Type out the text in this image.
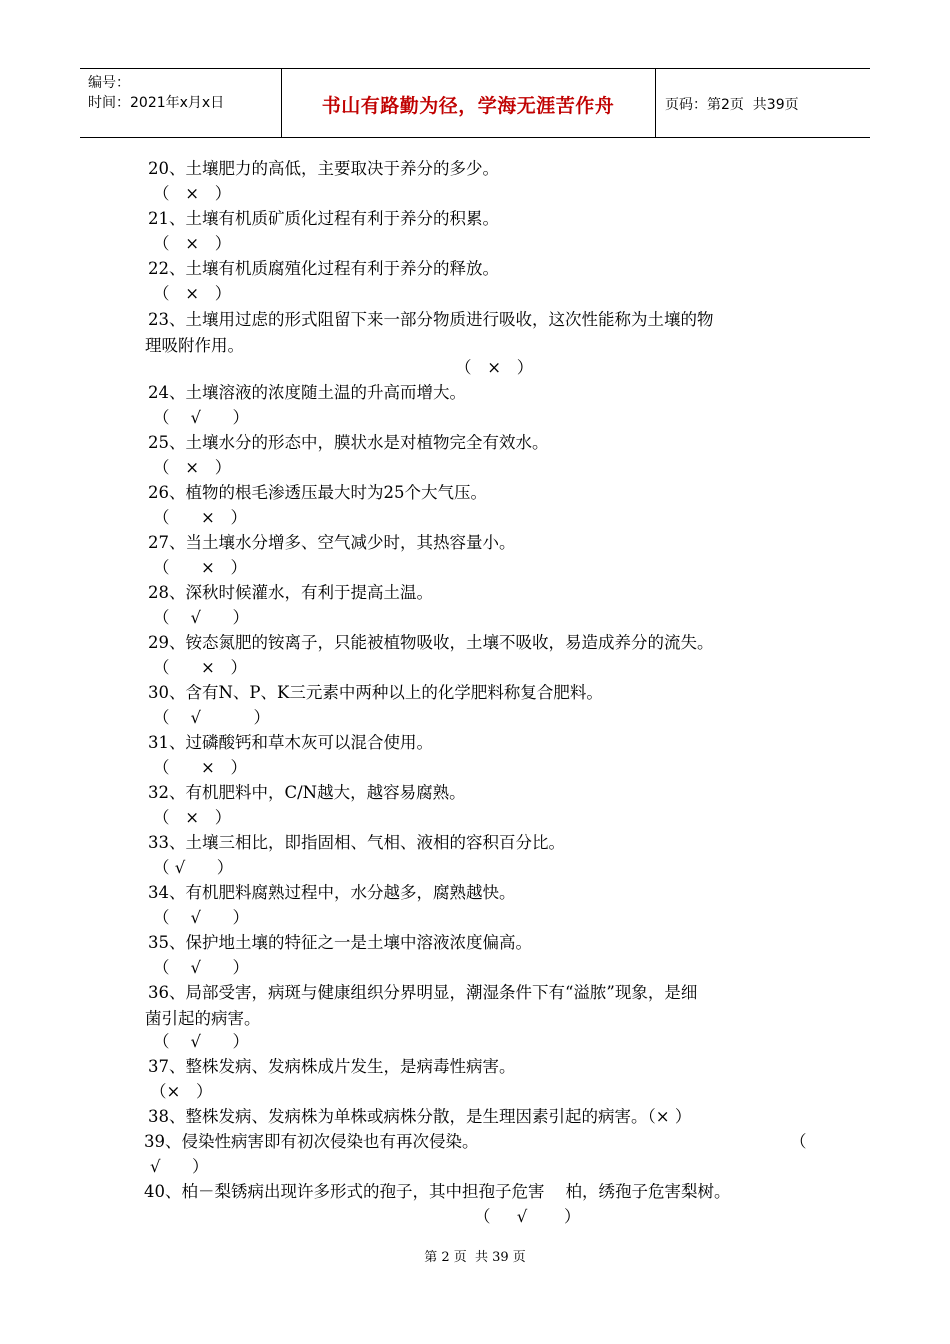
编号：
时间：2021年x月x日	书山有路勤为径，学海无涯苦作舟	页码：第2页  共39页
20、土壤肥力的高低，主要取决于养分的多少。
（   ×   ）
21、土壤有机质矿质化过程有利于养分的积累。
（   ×   ）
22、土壤有机质腐殖化过程有利于养分的释放。
（   ×   ）
23、土壤用过虑的形式阻留下来一部分物质进行吸收，这次性能称为土壤的物
理吸附作用。
（   ×   ）
24、土壤溶液的浓度随土温的升高而增大。
（    √      ）
25、土壤水分的形态中，膜状水是对植物完全有效水。
（   ×   ）
26、植物的根毛渗透压最大时为25个大气压。
（      ×   ）
27、当土壤水分增多、空气减少时，其热容量小。
（      ×   ）
28、深秋时候灌水，有利于提高土温。
（    √      ）
29、铵态氮肥的铵离子，只能被植物吸收，土壤不吸收，易造成养分的流失。
（      ×   ）
30、含有N、P、K三元素中两种以上的化学肥料称复合肥料。
（    √          ）
31、过磷酸钙和草木灰可以混合使用。
（      ×   ）
32、有机肥料中，C/N越大，越容易腐熟。
（   ×   ）
33、土壤三相比，即指固相、气相、液相的容积百分比。
（ √      ）
34、有机肥料腐熟过程中，水分越多，腐熟越快。
（    √      ）
35、保护地土壤的特征之一是土壤中溶液浓度偏高。
（    √      ）
36、局部受害，病斑与健康组织分界明显，潮湿条件下有“溢脓”现象，是细
菌引起的病害。
（    √      ）
37、整株发病、发病株成片发生，是病毒性病害。
（×   ）
38、整株发病、发病株为单株或病株分散，是生理因素引起的病害。（× ）
39、侵染性病害即有初次侵染也有再次侵染。	（
√      ）
40、柏－梨锈病出现许多形式的孢子，其中担孢子危害    柏，绣孢子危害梨树。
（     √       ）
第 2 页  共 39 页
